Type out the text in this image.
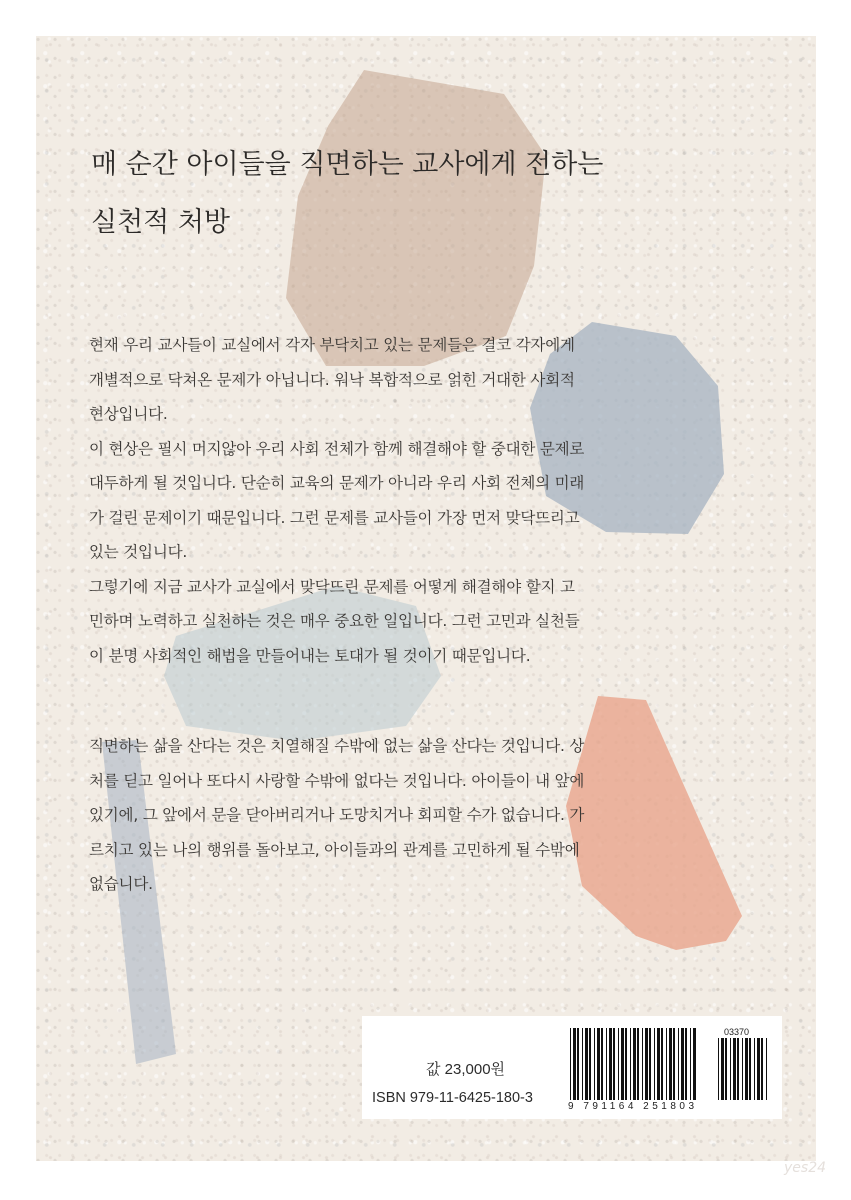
매 순간 아이들을 직면하는 교사에게 전하는
실천적 처방

현재 우리 교사들이 교실에서 각자 부닥치고 있는 문제들은 결코 각자에게

개별적으로 닥쳐온 문제가 아닙니다. 워낙 복합적으로 얽힌 거대한 사회적

현상입니다.

이 현상은 필시 머지않아 우리 사회 전체가 함께 해결해야 할 중대한 문제로

대두하게 될 것입니다. 단순히 교육의 문제가 아니라 우리 사회 전체의 미래

가 걸린 문제이기 때문입니다. 그런 문제를 교사들이 가장 먼저 맞닥뜨리고

있는 것입니다.

그렇기에 지금 교사가 교실에서 맞닥뜨린 문제를 어떻게 해결해야 할지 고

민하며 노력하고 실천하는 것은 매우 중요한 일입니다. 그런 고민과 실천들

이 분명 사회적인 해법을 만들어내는 토대가 될 것이기 때문입니다.

직면하는 삶을 산다는 것은 치열해질 수밖에 없는 삶을 산다는 것입니다. 상

처를 딛고 일어나 또다시 사랑할 수밖에 없다는 것입니다. 아이들이 내 앞에

있기에, 그 앞에서 문을 닫아버리거나 도망치거나 회피할 수가 없습니다. 가

르치고 있는 나의 행위를 돌아보고, 아이들과의 관계를 고민하게 될 수밖에

없습니다.

값 23,000원
ISBN 979-11-6425-180-3
9 791164 251803
03370
yes24
